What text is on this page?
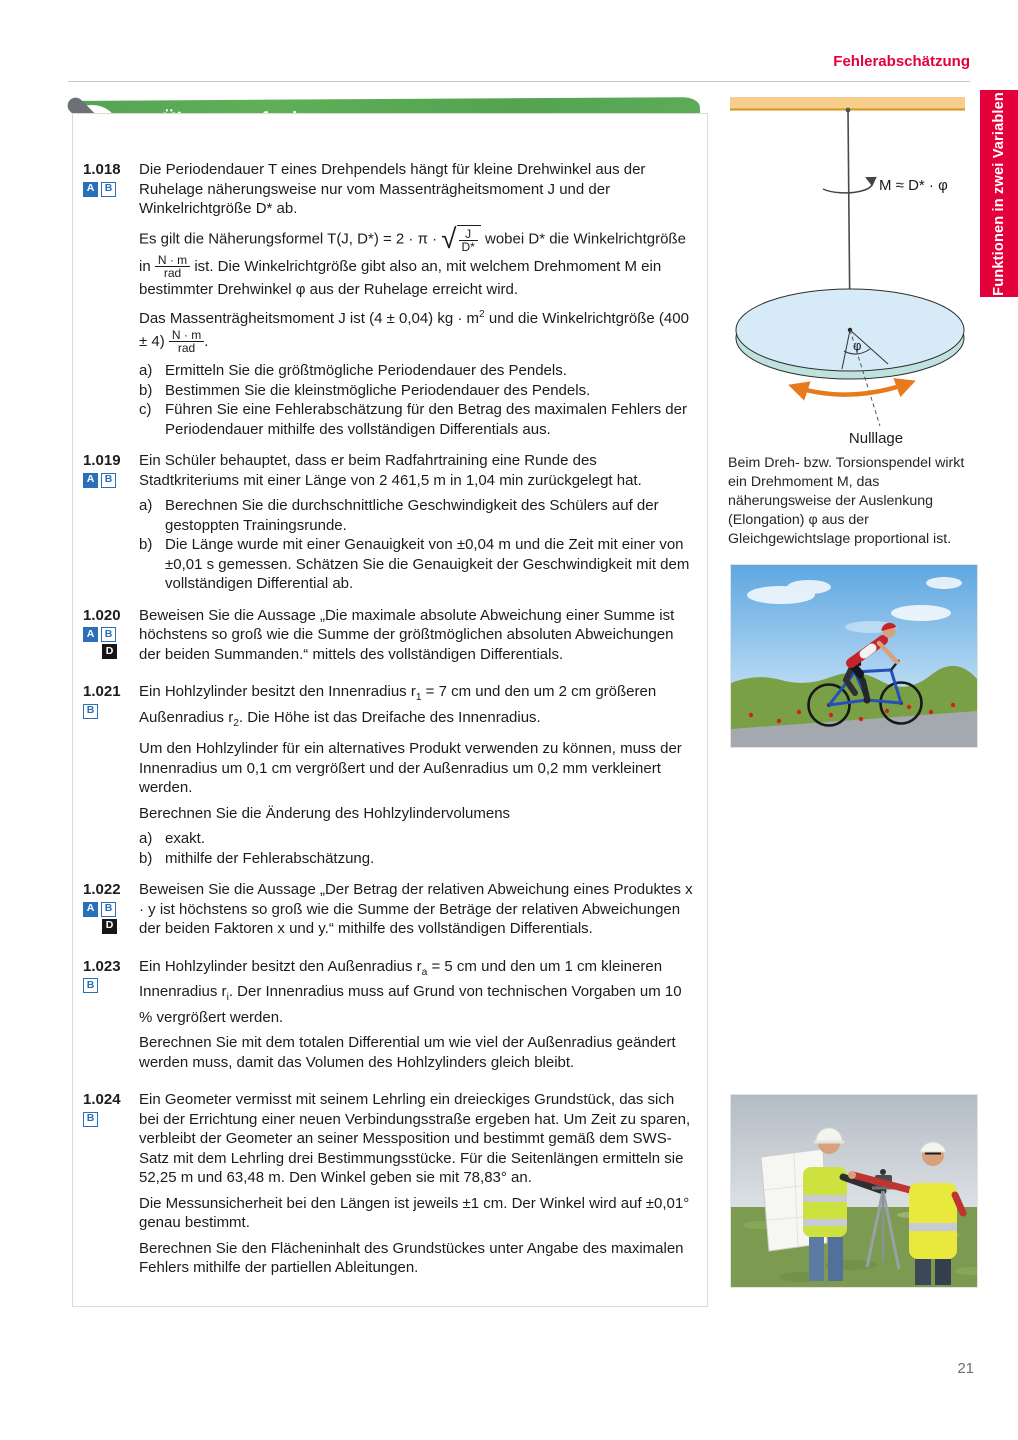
Fehlerabschätzung
Funktionen in zwei Variablen
1.018
A B

Die Periodendauer T eines Drehpendels hängt für kleine Drehwinkel aus der Ruhelage näherungsweise nur vom Massenträgheitsmoment J und der Winkelrichtgröße D* ab.

Es gilt die Näherungsformel T(J, D*) = 2 · π · √ $\frac{J}{D*}$ wobei D* die Winkelrichtgröße in $\frac{N \cdot m}{\text{rad}}$ ist. Die Winkelrichtgröße gibt also an, mit welchem Drehmoment M ein bestimmter Drehwinkel φ aus der Ruhelage erreicht wird.

Das Massenträgheitsmoment J ist (4 ± 0,04) kg · $m^2$ und die Winkelrichtgröße $(400 \pm 4) \frac{N \cdot m}{\text{rad}}$ .

a) Ermitteln Sie die größtmögliche Periodendauer des Pendels.
b) Bestimmen Sie die kleinstmögliche Periodendauer des Pendels.
c) Führen Sie eine Fehlerabschätzung für den Betrag des maximalen Fehlers der Periodendauer mithilfe des vollständigen Differentials aus.
1.019
A B

Ein Schüler behauptet, dass er beim Radfahrtraining eine Runde des Stadtkriteriums mit einer Länge von 2 461,5 m in 1,04 min zurückgelegt hat.

a) Berechnen Sie die durchschnittliche Geschwindigkeit des Schülers auf der gestoppten Trainingsrunde.
b) Die Länge wurde mit einer Genauigkeit von ±0,04 m und die Zeit mit einer von ±0,01 s gemessen. Schätzen Sie die Genauigkeit der Geschwindigkeit mit dem vollständigen Differential ab.
1.020
A B
D

Beweisen Sie die Aussage „Die maximale absolute Abweichung einer Summe ist höchstens so groß wie die Summe der größtmöglichen absoluten Abweichungen der beiden Summanden.“ mittels des vollständigen Differentials.

1.021
B

Ein Hohlzylinder besitzt den Innenradius $r_1 = 7$ cm und den um 2 cm größeren Außenradius $r_2$. Die Höhe ist das Dreifache des Innenradius.

Um den Hohlzylinder für ein alternatives Produkt verwenden zu können, muss der Innenradius um 0,1 cm vergrößert und der Außenradius um 0,2 mm verkleinert werden.

Berechnen Sie die Änderung des Hohlzylindervolumens

a) exakt.
b) mithilfe der Fehlerabschätzung.
1.022
A B
D

Beweisen Sie die Aussage „Der Betrag der relativen Abweichung eines Produktes x · y ist höchstens so groß wie die Summe der Beträge der relativen Abweichungen der beiden Faktoren x und y.“ mithilfe des vollständigen Differentials.

1.023
B

Ein Hohlzylinder besitzt den Außenradius $r_a = 5$ cm und den um 1 cm kleineren Innenradius $r_i$. Der Innenradius muss auf Grund von technischen Vorgaben um 10 % vergrößert werden.

Berechnen Sie mit dem totalen Differential um wie viel der Außenradius geändert werden muss, damit das Volumen des Hohlzylinders gleich bleibt.

1.024
B

Ein Geometer vermisst mit seinem Lehrling ein dreieckiges Grundstück, das sich bei der Errichtung einer neuen Verbindungsstraße ergeben hat. Um Zeit zu sparen, verbleibt der Geometer an seiner Messposition und bestimmt gemäß dem SWS-Satz mit dem Lehrling drei Bestimmungsstücke. Für die Seitenlängen ermitteln sie 52,25 m und 63,48 m. Den Winkel geben sie mit 78,83° an.

Die Messunsicherheit bei den Längen ist jeweils ±1 cm. Der Winkel wird auf ±0,01° genau bestimmt.

Berechnen Sie den Flächeninhalt des Grundstückes unter Angabe des maximalen Fehlers mithilfe der partiellen Ableitungen.

M ≈ D* · φ
φ
Nulllage
Beim Dreh- bzw. Torsionspendel wirkt ein Drehmoment M, das näherungsweise der Auslenkung (Elongation) φ aus der Gleichgewichtslage proportional ist.
21
